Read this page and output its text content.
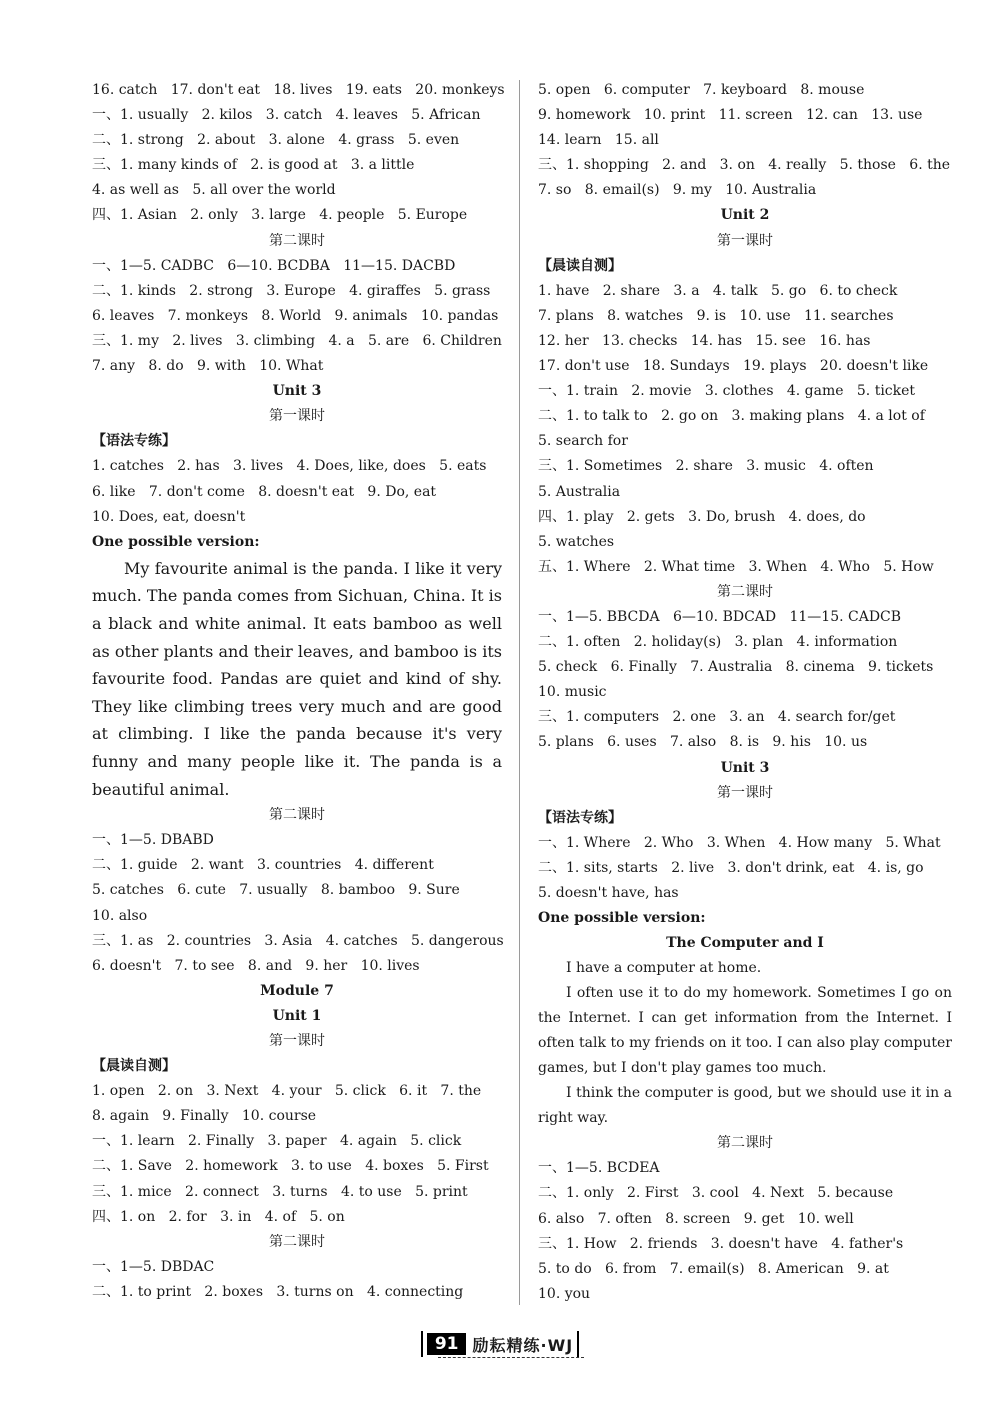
16. catch   17. don't eat   18. lives   19. eats   20. monkeys
一、1. usually   2. kilos   3. catch   4. leaves   5. African
二、1. strong   2. about   3. alone   4. grass   5. even
三、1. many kinds of   2. is good at   3. a little
4. as well as   5. all over the world
四、1. Asian   2. only   3. large   4. people   5. Europe
第二课时
一、1—5. CADBC   6—10. BCDBA   11—15. DACBD
二、1. kinds   2. strong   3. Europe   4. giraffes   5. grass
6. leaves   7. monkeys   8. World   9. animals   10. pandas
三、1. my   2. lives   3. climbing   4. a   5. are   6. Children
7. any   8. do   9. with   10. What
Unit 3
第一课时
【语法专练】
1. catches   2. has   3. lives   4. Does, like, does   5. eats
6. like   7. don't come   8. doesn't eat   9. Do, eat
10. Does, eat, doesn't
One possible version:

My favourite animal is the panda. I like it very much. The panda comes from Sichuan, China. It is a black and white animal. It eats bamboo as well as other plants and their leaves, and bamboo is its favourite food. Pandas are quiet and kind of shy. They like climbing trees very much and are good at climbing. I like the panda because it's very funny and many people like it. The panda is a beautiful animal.

第二课时
一、1—5. DBABD
二、1. guide   2. want   3. countries   4. different
5. catches   6. cute   7. usually   8. bamboo   9. Sure
10. also
三、1. as   2. countries   3. Asia   4. catches   5. dangerous
6. doesn't   7. to see   8. and   9. her   10. lives
Module 7
Unit 1
第一课时
【晨读自测】
1. open   2. on   3. Next   4. your   5. click   6. it   7. the
8. again   9. Finally   10. course
一、1. learn   2. Finally   3. paper   4. again   5. click
二、1. Save   2. homework   3. to use   4. boxes   5. First
三、1. mice   2. connect   3. turns   4. to use   5. print
四、1. on   2. for   3. in   4. of   5. on
第二课时
一、1—5. DBDAC
二、1. to print   2. boxes   3. turns on   4. connecting
5. open   6. computer   7. keyboard   8. mouse
9. homework   10. print   11. screen   12. can   13. use
14. learn   15. all
三、1. shopping   2. and   3. on   4. really   5. those   6. the
7. so   8. email(s)   9. my   10. Australia
Unit 2
第一课时
【晨读自测】
1. have   2. share   3. a   4. talk   5. go   6. to check
7. plans   8. watches   9. is   10. use   11. searches
12. her   13. checks   14. has   15. see   16. has
17. don't use   18. Sundays   19. plays   20. doesn't like
一、1. train   2. movie   3. clothes   4. game   5. ticket
二、1. to talk to   2. go on   3. making plans   4. a lot of
5. search for
三、1. Sometimes   2. share   3. music   4. often
5. Australia
四、1. play   2. gets   3. Do, brush   4. does, do
5. watches
五、1. Where   2. What time   3. When   4. Who   5. How
第二课时
一、1—5. BBCDA   6—10. BDCAD   11—15. CADCB
二、1. often   2. holiday(s)   3. plan   4. information
5. check   6. Finally   7. Australia   8. cinema   9. tickets
10. music
三、1. computers   2. one   3. an   4. search for/get
5. plans   6. uses   7. also   8. is   9. his   10. us
Unit 3
第一课时
【语法专练】
一、1. Where   2. Who   3. When   4. How many   5. What
二、1. sits, starts   2. live   3. don't drink, eat   4. is, go
5. doesn't have, has
One possible version:
The Computer and I

I have a computer at home.

I often use it to do my homework. Sometimes I go on the Internet. I can get information from the Internet. I often talk to my friends on it too. I can also play computer games, but I don't play games too much.

I think the computer is good, but we should use it in a right way.

第二课时
一、1—5. BCDEA
二、1. only   2. First   3. cool   4. Next   5. because
6. also   7. often   8. screen   9. get   10. well
三、1. How   2. friends   3. doesn't have   4. father's
5. to do   6. from   7. email(s)   8. American   9. at
10. you
91 励耘精练·WJ
